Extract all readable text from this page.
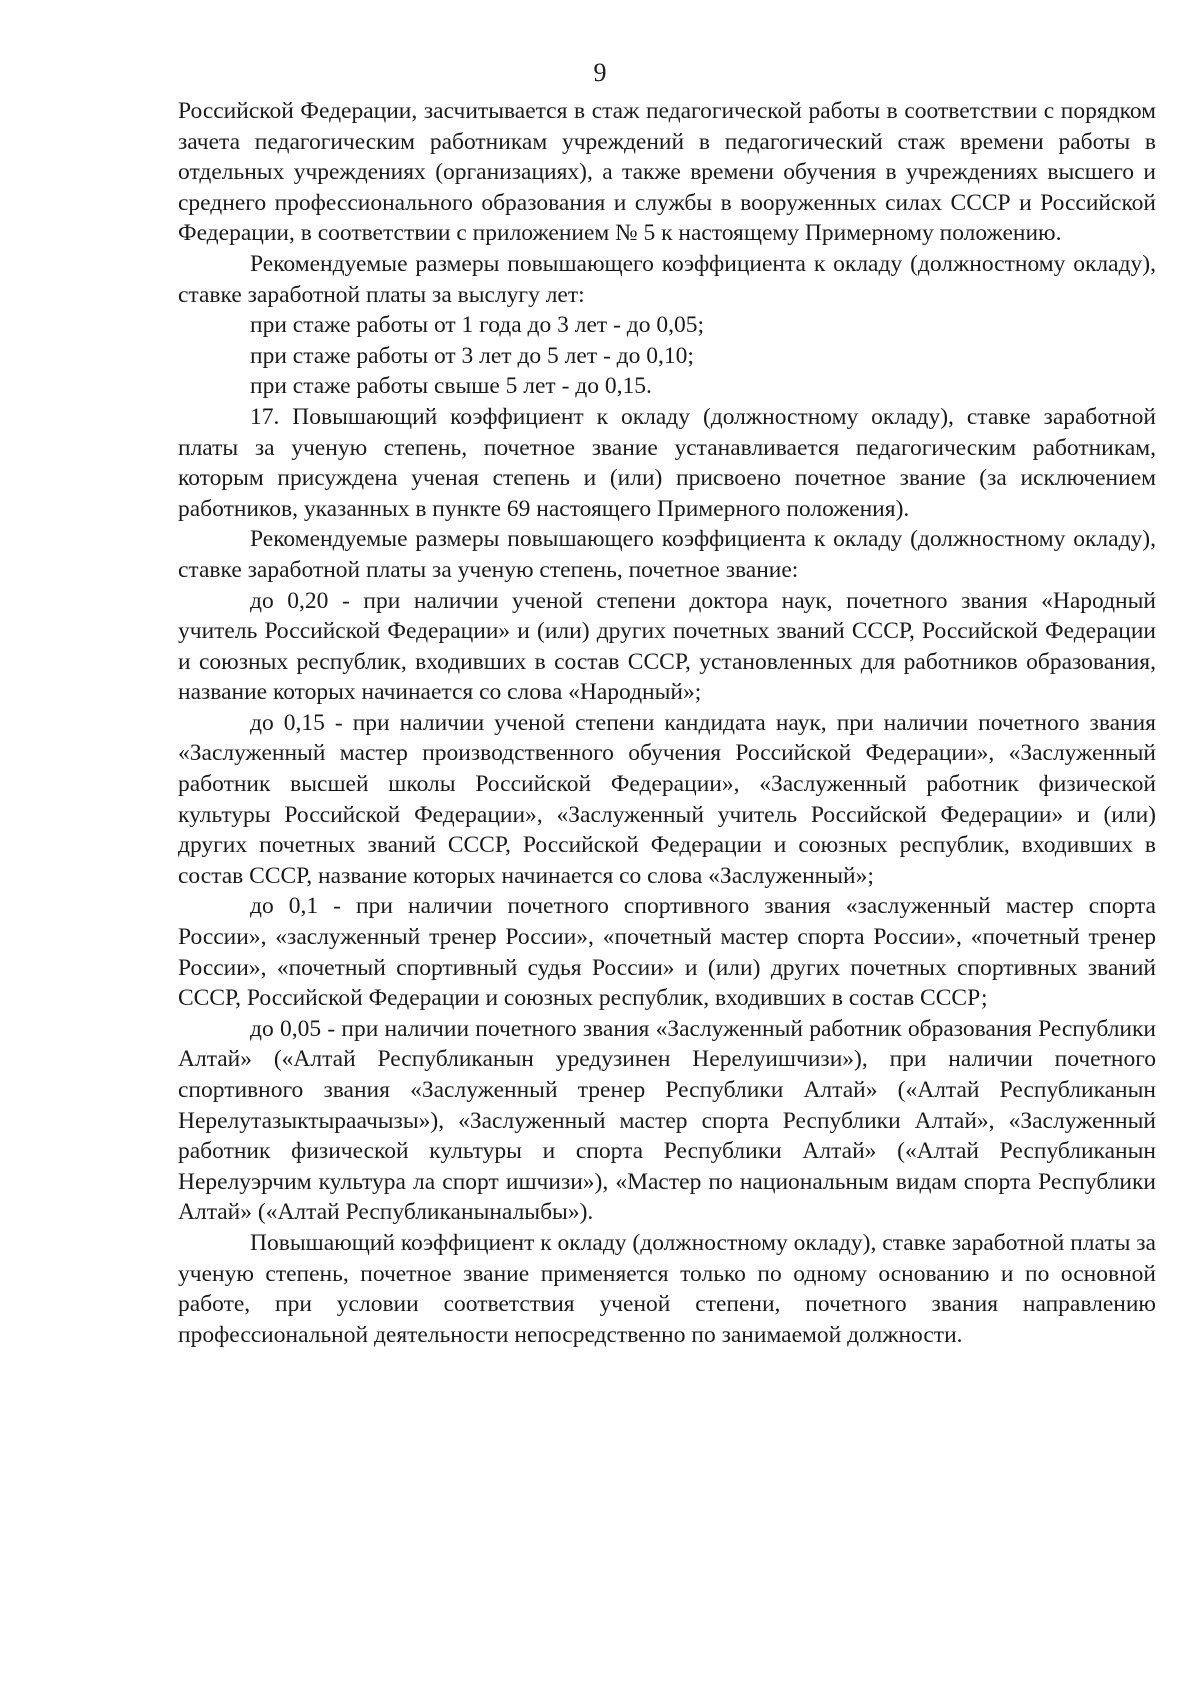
9

Российской Федерации, засчитывается в стаж педагогической работы в соответствии с порядком зачета педагогическим работникам учреждений в педагогический стаж времени работы в отдельных учреждениях (организациях), а также времени обучения в учреждениях высшего и среднего профессионального образования и службы в вооруженных силах СССР и Российской Федерации, в соответствии с приложением № 5 к настоящему Примерному положению.

Рекомендуемые размеры повышающего коэффициента к окладу (должностному окладу), ставке заработной платы за выслугу лет:

при стаже работы от 1 года до 3 лет - до 0,05;

при стаже работы от 3 лет до 5 лет - до 0,10;

при стаже работы свыше 5 лет - до 0,15.

17. Повышающий коэффициент к окладу (должностному окладу), ставке заработной платы за ученую степень, почетное звание устанавливается педагогическим работникам, которым присуждена ученая степень и (или) присвоено почетное звание (за исключением работников, указанных в пункте 69 настоящего Примерного положения).

Рекомендуемые размеры повышающего коэффициента к окладу (должностному окладу), ставке заработной платы за ученую степень, почетное звание:

до 0,20 - при наличии ученой степени доктора наук, почетного звания «Народный учитель Российской Федерации» и (или) других почетных званий СССР, Российской Федерации и союзных республик, входивших в состав СССР, установленных для работников образования, название которых начинается со слова «Народный»;

до 0,15 - при наличии ученой степени кандидата наук, при наличии почетного звания «Заслуженный мастер производственного обучения Российской Федерации», «Заслуженный работник высшей школы Российской Федерации», «Заслуженный работник физической культуры Российской Федерации», «Заслуженный учитель Российской Федерации» и (или) других почетных званий СССР, Российской Федерации и союзных республик, входивших в состав СССР, название которых начинается со слова «Заслуженный»;

до 0,1 - при наличии почетного спортивного звания «заслуженный мастер спорта России», «заслуженный тренер России», «почетный мастер спорта России», «почетный тренер России», «почетный спортивный судья России» и (или) других почетных спортивных званий СССР, Российской Федерации и союзных республик, входивших в состав СССР;

до 0,05 - при наличии почетного звания «Заслуженный работник образования Республики Алтай» («Алтай Республиканын уредузинен Нерелуишчизи»), при наличии почетного спортивного звания «Заслуженный тренер Республики Алтай» («Алтай Республиканын Нерелутазыктыраачызы»), «Заслуженный мастер спорта Республики Алтай», «Заслуженный работник физической культуры и спорта Республики Алтай» («Алтай Республиканын Нерелуэрчим культура ла спорт ишчизи»), «Мастер по национальным видам спорта Республики Алтай» («Алтай Республиканыналыбы»).

Повышающий коэффициент к окладу (должностному окладу), ставке заработной платы за ученую степень, почетное звание применяется только по одному основанию и по основной работе, при условии соответствия ученой степени, почетного звания направлению профессиональной деятельности непосредственно по занимаемой должности.
